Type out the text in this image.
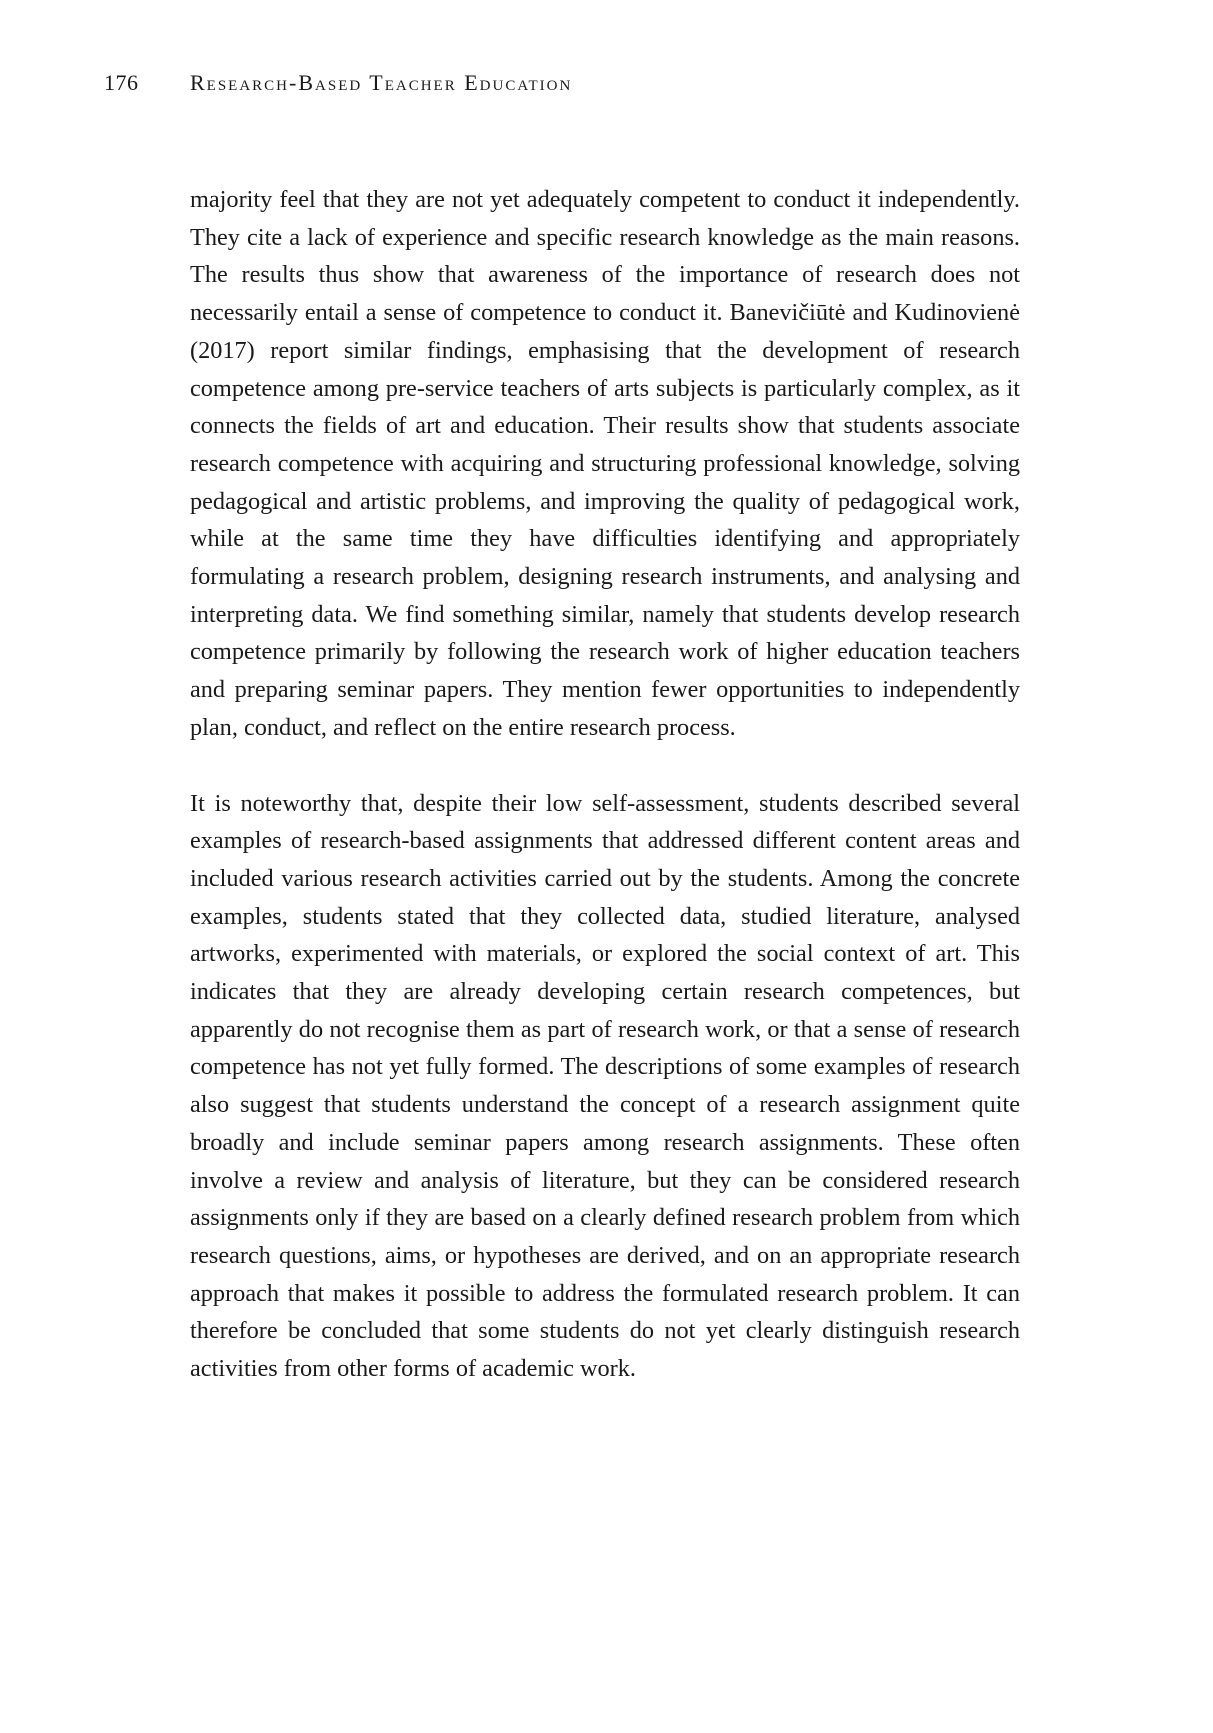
176	Research-Based Teacher Education

majority feel that they are not yet adequately competent to conduct it independently. They cite a lack of experience and specific research knowledge as the main reasons. The results thus show that awareness of the importance of research does not necessarily entail a sense of competence to conduct it. Banevičiūtė and Kudinovienė (2017) report similar findings, emphasising that the development of research competence among pre-service teachers of arts subjects is particularly complex, as it connects the fields of art and education. Their results show that students associate research competence with acquiring and structuring professional knowledge, solving pedagogical and artistic problems, and improving the quality of pedagogical work, while at the same time they have difficulties identifying and appropriately formulating a research problem, designing research instruments, and analysing and interpreting data. We find something similar, namely that students develop research competence primarily by following the research work of higher education teachers and preparing seminar papers. They mention fewer opportunities to independently plan, conduct, and reflect on the entire research process.

It is noteworthy that, despite their low self-assessment, students described several examples of research-based assignments that addressed different content areas and included various research activities carried out by the students. Among the concrete examples, students stated that they collected data, studied literature, analysed artworks, experimented with materials, or explored the social context of art. This indicates that they are already developing certain research competences, but apparently do not recognise them as part of research work, or that a sense of research competence has not yet fully formed. The descriptions of some examples of research also suggest that students understand the concept of a research assignment quite broadly and include seminar papers among research assignments. These often involve a review and analysis of literature, but they can be considered research assignments only if they are based on a clearly defined research problem from which research questions, aims, or hypotheses are derived, and on an appropriate research approach that makes it possible to address the formulated research problem. It can therefore be concluded that some students do not yet clearly distinguish research activities from other forms of academic work.
